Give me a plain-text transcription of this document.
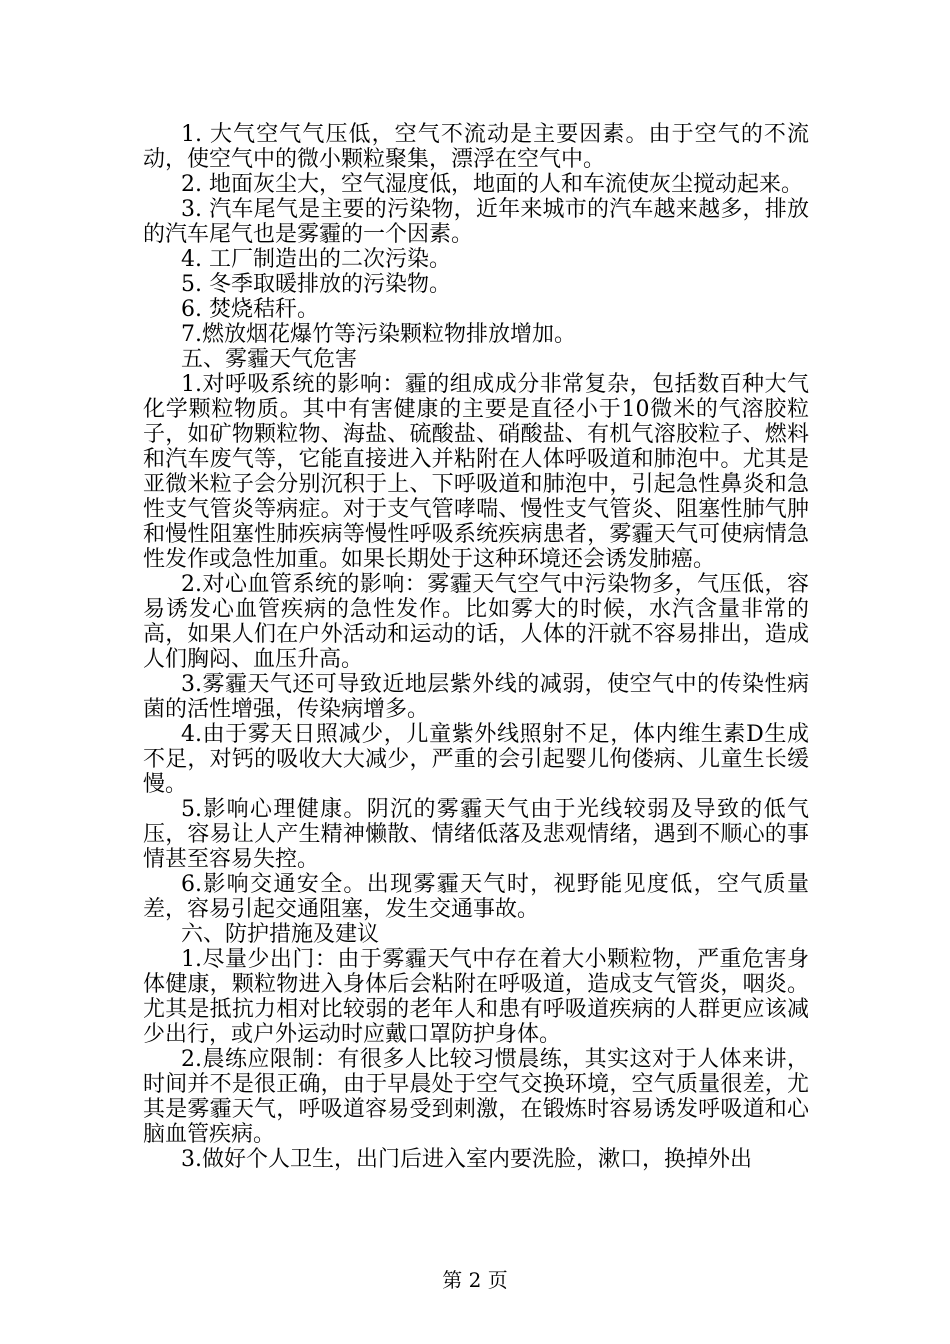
1. 大气空气气压低，空气不流动是主要因素。由于空气的不流动，使空气中的微小颗粒聚集，漂浮在空气中。

2. 地面灰尘大，空气湿度低，地面的人和车流使灰尘搅动起来。

3. 汽车尾气是主要的污染物，近年来城市的汽车越来越多，排放的汽车尾气也是雾霾的一个因素。

4. 工厂制造出的二次污染。

5. 冬季取暖排放的污染物。

6. 焚烧秸秆。

7.燃放烟花爆竹等污染颗粒物排放增加。

五、雾霾天气危害

1.对呼吸系统的影响：霾的组成成分非常复杂，包括数百种大气化学颗粒物质。其中有害健康的主要是直径小于10微米的气溶胶粒子，如矿物颗粒物、海盐、硫酸盐、硝酸盐、有机气溶胶粒子、燃料和汽车废气等，它能直接进入并粘附在人体呼吸道和肺泡中。尤其是亚微米粒子会分别沉积于上、下呼吸道和肺泡中，引起急性鼻炎和急性支气管炎等病症。对于支气管哮喘、慢性支气管炎、阻塞性肺气肿和慢性阻塞性肺疾病等慢性呼吸系统疾病患者，雾霾天气可使病情急性发作或急性加重。如果长期处于这种环境还会诱发肺癌。

2.对心血管系统的影响：雾霾天气空气中污染物多，气压低，容易诱发心血管疾病的急性发作。比如雾大的时候，水汽含量非常的高，如果人们在户外活动和运动的话，人体的汗就不容易排出，造成人们胸闷、血压升高。

3.雾霾天气还可导致近地层紫外线的减弱，使空气中的传染性病菌的活性增强，传染病增多。

4.由于雾天日照减少，儿童紫外线照射不足，体内维生素D生成不足，对钙的吸收大大减少，严重的会引起婴儿佝偻病、儿童生长缓慢。

5.影响心理健康。阴沉的雾霾天气由于光线较弱及导致的低气压，容易让人产生精神懒散、情绪低落及悲观情绪，遇到不顺心的事情甚至容易失控。

6.影响交通安全。出现雾霾天气时，视野能见度低，空气质量差，容易引起交通阻塞，发生交通事故。

六、防护措施及建议

1.尽量少出门：由于雾霾天气中存在着大小颗粒物，严重危害身体健康，颗粒物进入身体后会粘附在呼吸道，造成支气管炎，咽炎。尤其是抵抗力相对比较弱的老年人和患有呼吸道疾病的人群更应该减少出行，或户外运动时应戴口罩防护身体。

2.晨练应限制：有很多人比较习惯晨练，其实这对于人体来讲，时间并不是很正确，由于早晨处于空气交换环境，空气质量很差，尤其是雾霾天气，呼吸道容易受到刺激，在锻炼时容易诱发呼吸道和心脑血管疾病。

3.做好个人卫生，出门后进入室内要洗脸，漱口，换掉外出

第 2 页
